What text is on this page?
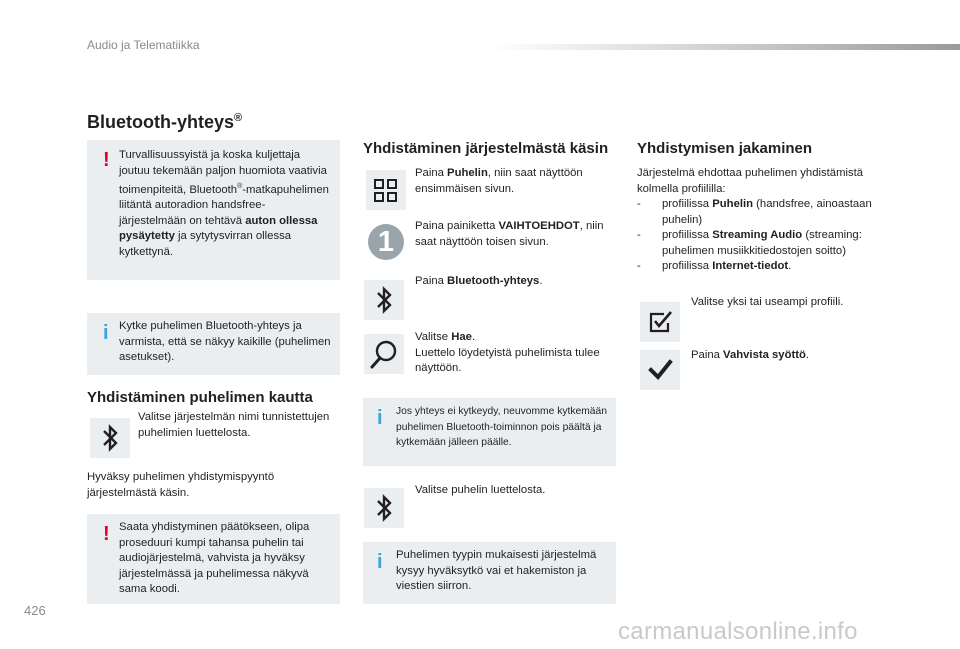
Audio ja Telematiikka
Bluetooth-yhteys®
! Turvallisuussyistä ja koska kuljettaja joutuu tekemään paljon huomiota vaativia toimenpiteitä, Bluetooth®-matkapuhelimen liitäntä autoradion handsfree-järjestelmään on tehtävä auton ollessa pysäytetty ja sytytysvirran ollessa kytkettynä.
i Kytke puhelimen Bluetooth-yhteys ja varmista, että se näkyy kaikille (puhelimen asetukset).
Yhdistäminen puhelimen kautta
Valitse järjestelmän nimi tunnistettujen puhelimien luettelosta.
Hyväksy puhelimen yhdistymispyyntö järjestelmästä käsin.
! Saata yhdistyminen päätökseen, olipa proseduuri kumpi tahansa puhelin tai audiojärjestelmä, vahvista ja hyväksy järjestelmässä ja puhelimessa näkyvä sama koodi.
Yhdistäminen järjestelmästä käsin
Paina Puhelin, niin saat näyttöön ensimmäisen sivun.
1	Paina painiketta VAIHTOEHDOT, niin saat näyttöön toisen sivun.
Paina Bluetooth-yhteys.
Valitse Hae.
Luettelo löydetyistä puhelimista tulee näyttöön.
i Jos yhteys ei kytkeydy, neuvomme kytkemään puhelimen Bluetooth-toiminnon pois päältä ja kytkemään jälleen päälle.
Valitse puhelin luettelosta.
i Puhelimen tyypin mukaisesti järjestelmä kysyy hyväksytkö vai et hakemiston ja viestien siirron.
Yhdistymisen jakaminen
Järjestelmä ehdottaa puhelimen yhdistämistä kolmella profiililla:
- profiilissa Puhelin (handsfree, ainoastaan puhelin)
- profiilissa Streaming Audio (streaming: puhelimen musiikkitiedostojen soitto)
- profiilissa Internet-tiedot.
Valitse yksi tai useampi profiili.
Paina Vahvista syöttö.
426
carmanualsonline.info
